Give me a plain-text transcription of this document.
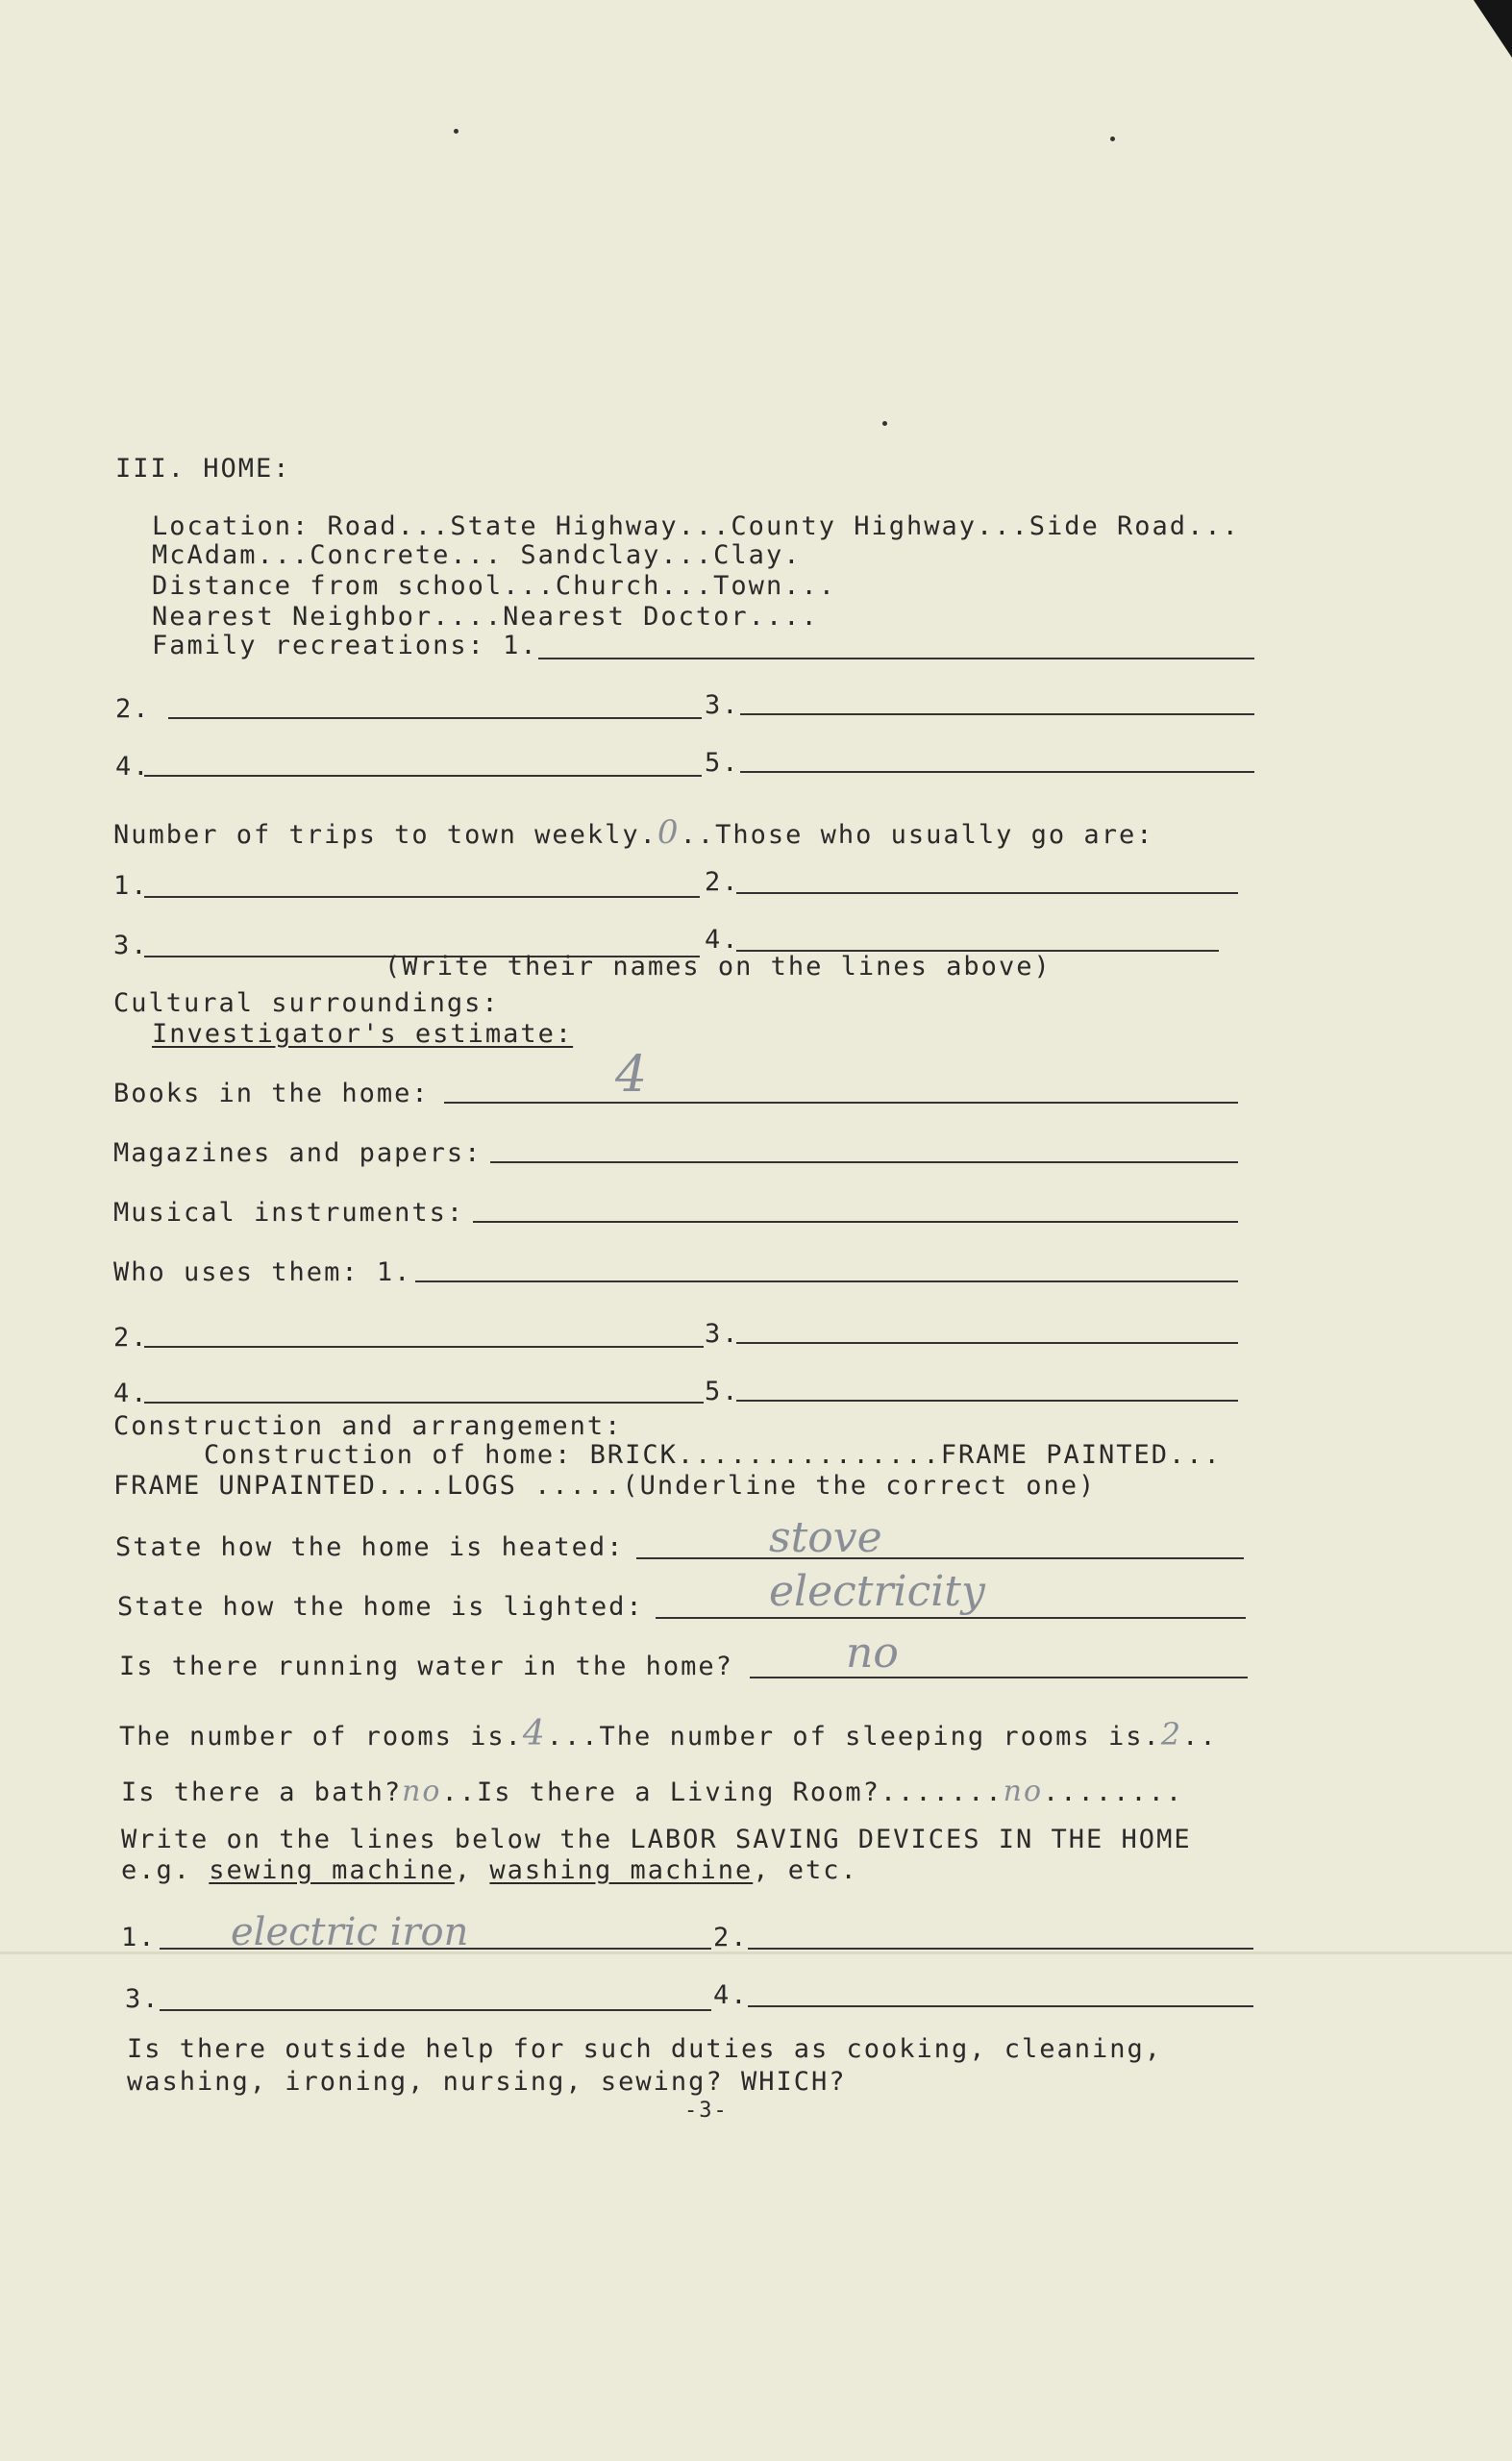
III. HOME:
Location: Road...State Highway...County Highway...Side Road...
McAdam...Concrete... Sandclay...Clay.
Distance from school...Church...Town...
Nearest Neighbor....Nearest Doctor....
Family recreations: 1.
2.	3.
4.	5.
Number of trips to town weekly.0..Those who usually go are:
1.	2.
3.	4.
(Write their names on the lines above)
Cultural surroundings:
Investigator's estimate:
Books in the home:	4
Magazines and papers:
Musical instruments:
Who uses them: 1.
2.	3.
4.	5.
Construction and arrangement:
Construction of home: BRICK...............FRAME PAINTED...
FRAME UNPAINTED....LOGS .....(Underline the correct one)
State how the home is heated:	stove
State how the home is lighted:	electricity
Is there running water in the home?	no
The number of rooms is.4...The number of sleeping rooms is.2..
Is there a bath?no..Is there a Living Room?.......no........
Write on the lines below the LABOR SAVING DEVICES IN THE HOME
e.g. sewing machine, washing machine, etc.
1. electric iron	2.
3.	4.
Is there outside help for such duties as cooking, cleaning,
washing, ironing, nursing, sewing? WHICH?
-3-
